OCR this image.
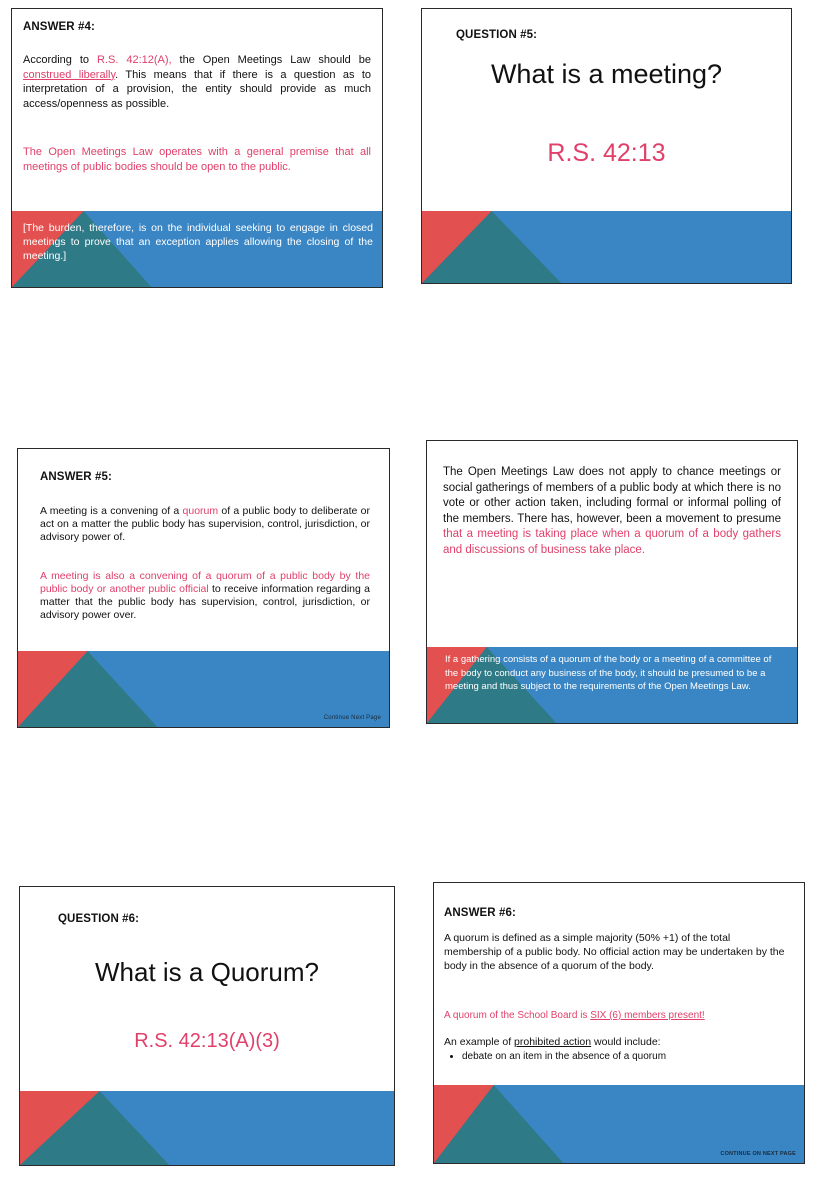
ANSWER #4:
According to R.S. 42:12(A), the Open Meetings Law should be construed liberally. This means that if there is a question as to interpretation of a provision, the entity should provide as much access/openness as possible.
The Open Meetings Law operates with a general premise that all meetings of public bodies should be open to the public.
[The burden, therefore, is on the individual seeking to engage in closed meetings to prove that an exception applies allowing the closing of the meeting.]
QUESTION #5:
What is a meeting?
R.S. 42:13
ANSWER #5:
A meeting is a convening of a quorum of a public body to deliberate or act on a matter the public body has supervision, control, jurisdiction, or advisory power of.
A meeting is also a convening of a quorum of a public body by the public body or another public official to receive information regarding a matter that the public body has supervision, control, jurisdiction, or advisory power over.
Continue Next Page
The Open Meetings Law does not apply to chance meetings or social gatherings of members of a public body at which there is no vote or other action taken, including formal or informal polling of the members. There has, however, been a movement to presume that a meeting is taking place when a quorum of a body gathers and discussions of business take place.
If a gathering consists of a quorum of the body or a meeting of a committee of the body to conduct any business of the body, it should be presumed to be a meeting and thus subject to the requirements of the Open Meetings Law.
QUESTION #6:
What is a Quorum?
R.S. 42:13(A)(3)
ANSWER #6:
A quorum is defined as a simple majority (50% +1) of the total membership of a public body. No official action may be undertaken by the body in the absence of a quorum of the body.
A quorum of the School Board is SIX (6) members present!
An example of prohibited action would include:
• debate on an item in the absence of a quorum
CONTINUE ON NEXT PAGE
